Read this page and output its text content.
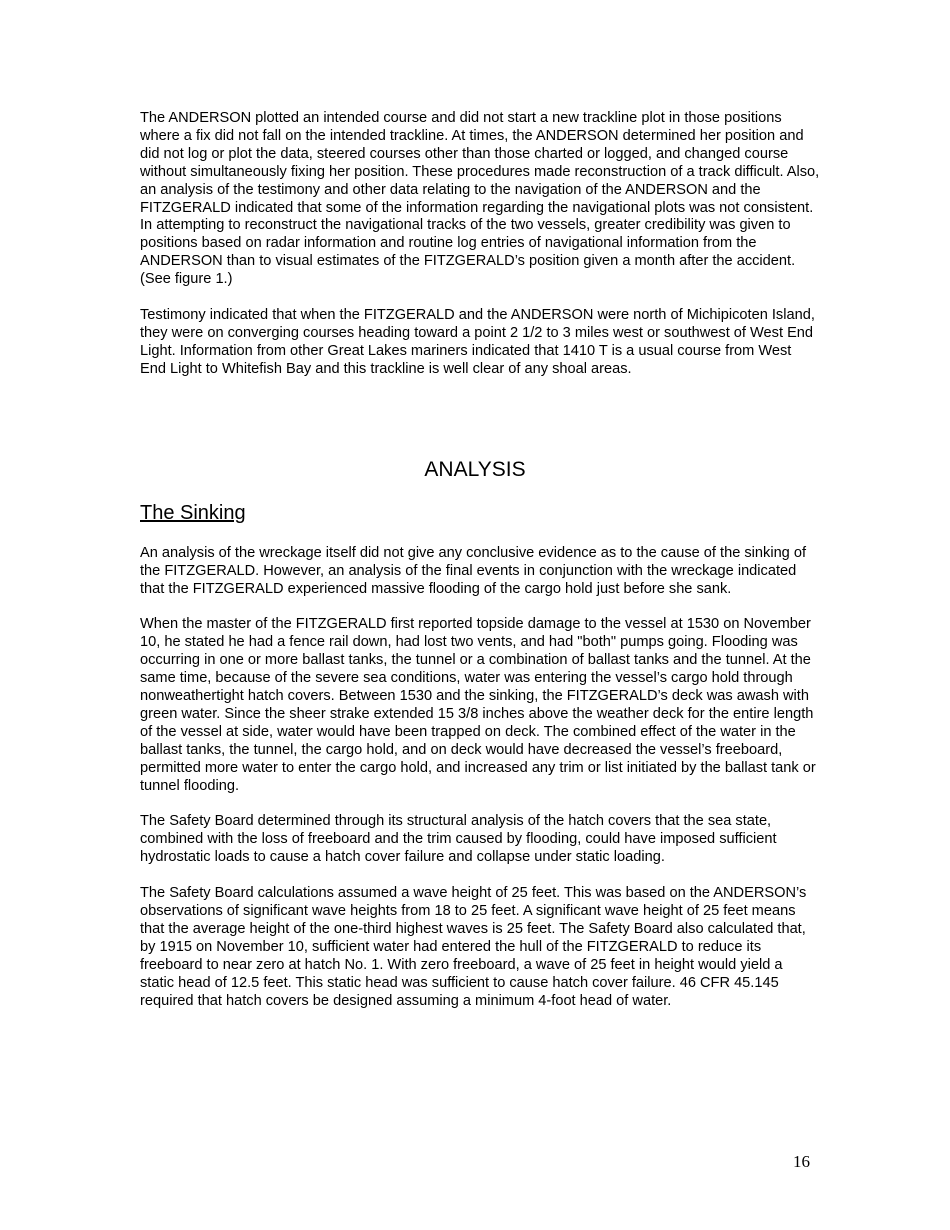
The ANDERSON plotted an intended course and did not start a new trackline plot in those positions where a fix did not fall on the intended trackline. At times, the ANDERSON determined her position and did not log or plot the data, steered courses other than those charted or logged, and changed course without simultaneously fixing her position. These procedures made reconstruction of a track difficult. Also, an analysis of the testimony and other data relating to the navigation of the ANDERSON and the FITZGERALD indicated that some of the information regarding the navigational plots was not consistent. In attempting to reconstruct the navigational tracks of the two vessels, greater credibility was given to positions based on radar information and routine log entries of navigational information from the ANDERSON than to visual estimates of the FITZGERALD’s position given a month after the accident. (See figure 1.)

Testimony indicated that when the FITZGERALD and the ANDERSON were north of Michipicoten Island, they were on converging courses heading toward a point 2 1/2 to 3 miles west or southwest of West End Light. Information from other Great Lakes mariners indicated that 1410 T is a usual course from West End Light to Whitefish Bay and this trackline is well clear of any shoal areas.

ANALYSIS
The Sinking

An analysis of the wreckage itself did not give any conclusive evidence as to the cause of the sinking of the FITZGERALD. However, an analysis of the final events in conjunction with the wreckage indicated that the FITZGERALD experienced massive flooding of the cargo hold just before she sank.

When the master of the FITZGERALD first reported topside damage to the vessel at 1530 on November 10, he stated he had a fence rail down, had lost two vents, and had "both" pumps going. Flooding was occurring in one or more ballast tanks, the tunnel or a combination of ballast tanks and the tunnel. At the same time, because of the severe sea conditions, water was entering the vessel’s cargo hold through nonweathertight hatch covers. Between 1530 and the sinking, the FITZGERALD’s deck was awash with green water. Since the sheer strake extended 15 3/8 inches above the weather deck for the entire length of the vessel at side, water would have been trapped on deck. The combined effect of the water in the ballast tanks, the tunnel, the cargo hold, and on deck would have decreased the vessel’s freeboard, permitted more water to enter the cargo hold, and increased any trim or list initiated by the ballast tank or tunnel flooding.

The Safety Board determined through its structural analysis of the hatch covers that the sea state, combined with the loss of freeboard and the trim caused by flooding, could have imposed sufficient hydrostatic loads to cause a hatch cover failure and collapse under static loading.

The Safety Board calculations assumed a wave height of 25 feet. This was based on the ANDERSON’s observations of significant wave heights from 18 to 25 feet. A significant wave height of 25 feet means that the average height of the one-third highest waves is 25 feet. The Safety Board also calculated that, by 1915 on November 10, sufficient water had entered the hull of the FITZGERALD to reduce its freeboard to near zero at hatch No. 1. With zero freeboard, a wave of 25 feet in height would yield a static head of 12.5 feet. This static head was sufficient to cause hatch cover failure. 46 CFR 45.145 required that hatch covers be designed assuming a minimum 4-foot head of water.

16
